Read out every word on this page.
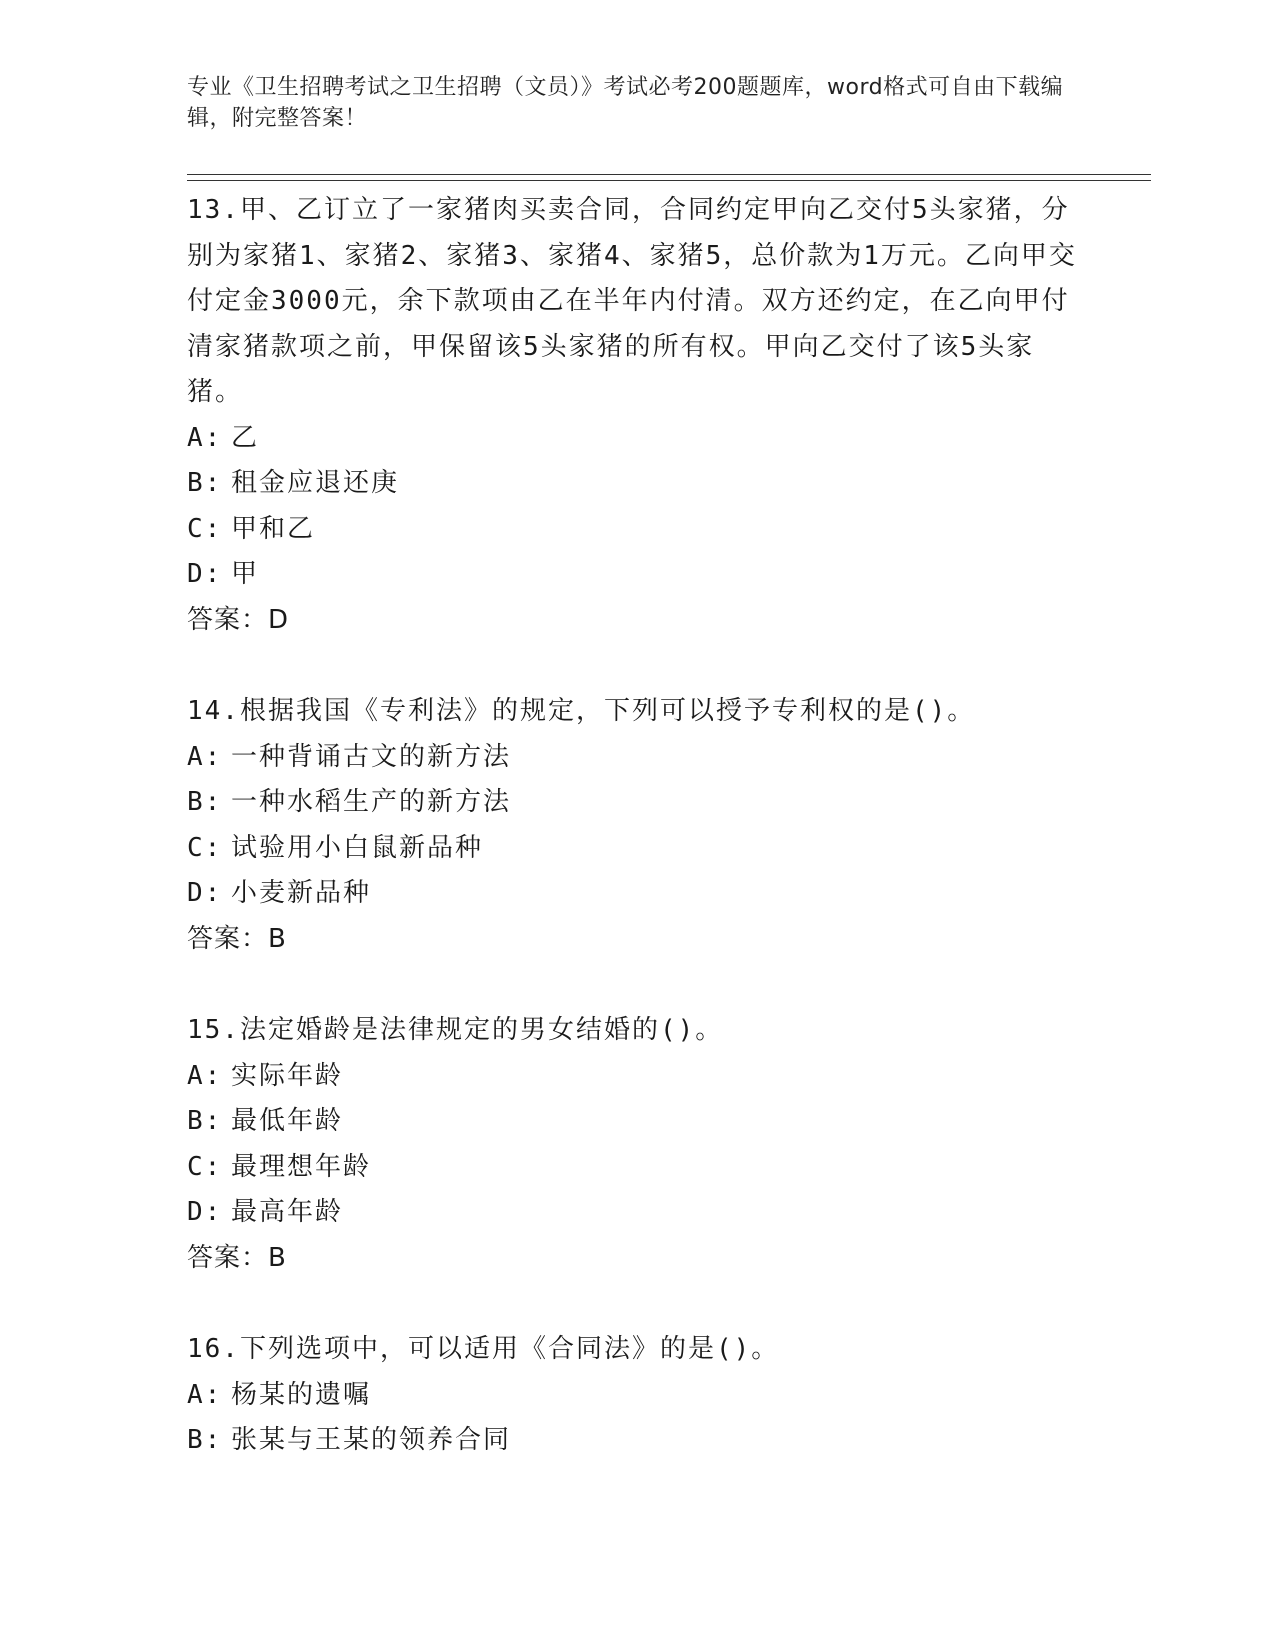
专业《卫生招聘考试之卫生招聘（文员）》考试必考200题题库，word格式可自由下载编辑，附完整答案！
13.甲、乙订立了一家猪肉买卖合同，合同约定甲向乙交付5头家猪，分别为家猪1、家猪2、家猪3、家猪4、家猪5，总价款为1万元。乙向甲交付定金3000元，余下款项由乙在半年内付清。双方还约定，在乙向甲付清家猪款项之前，甲保留该5头家猪的所有权。甲向乙交付了该5头家猪。
A: 乙
B: 租金应退还庚
C: 甲和乙
D: 甲
答案：D
14.根据我国《专利法》的规定，下列可以授予专利权的是()。
A: 一种背诵古文的新方法
B: 一种水稻生产的新方法
C: 试验用小白鼠新品种
D: 小麦新品种
答案：B
15.法定婚龄是法律规定的男女结婚的()。
A: 实际年龄
B: 最低年龄
C: 最理想年龄
D: 最高年龄
答案：B
16.下列选项中，可以适用《合同法》的是()。
A: 杨某的遗嘱
B: 张某与王某的领养合同
